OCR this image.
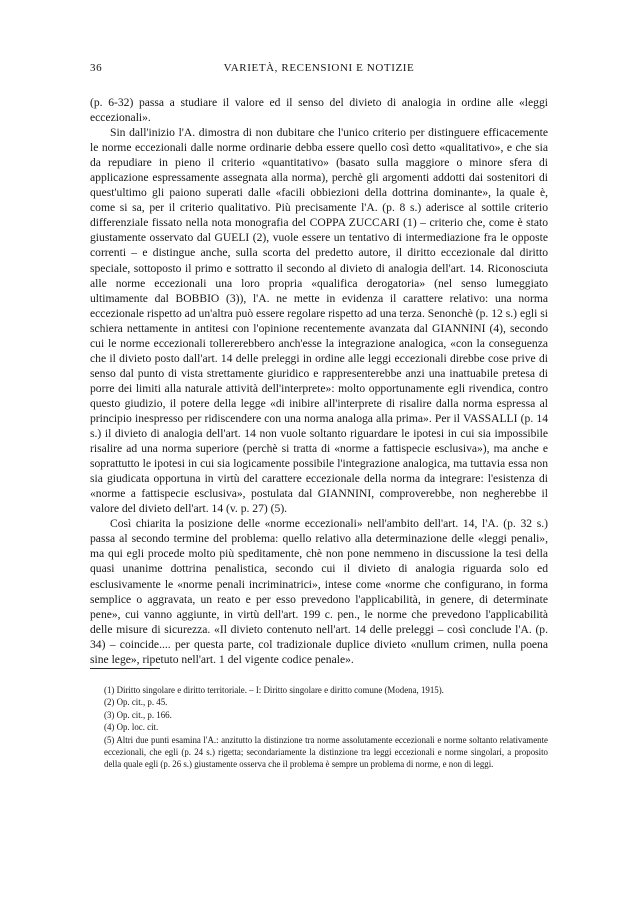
36	VARIETÀ, RECENSIONI E NOTIZIE

(p. 6-32) passa a studiare il valore ed il senso del divieto di analogia in ordine alle «leggi eccezionali».

Sin dall'inizio l'A. dimostra di non dubitare che l'unico criterio per distinguere efficacemente le norme eccezionali dalle norme ordinarie debba essere quello così detto «qualitativo», e che sia da repudiare in pieno il criterio «quantitativo» (basato sulla maggiore o minore sfera di applicazione espressamente assegnata alla norma), perchè gli argomenti addotti dai sostenitori di quest'ultimo gli paiono superati dalle «facili obbiezioni della dottrina dominante», la quale è, come si sa, per il criterio qualitativo. Più precisamente l'A. (p. 8 s.) aderisce al sottile criterio differenziale fissato nella nota monografia del COPPA ZUCCARI (1) – criterio che, come è stato giustamente osservato dal GUELI (2), vuole essere un tentativo di intermediazione fra le opposte correnti – e distingue anche, sulla scorta del predetto autore, il diritto eccezionale dal diritto speciale, sottoposto il primo e sottratto il secondo al divieto di analogia dell'art. 14. Riconosciuta alle norme eccezionali una loro propria «qualifica derogatoria» (nel senso lumeggiato ultimamente dal BOBBIO (3)), l'A. ne mette in evidenza il carattere relativo: una norma eccezionale rispetto ad un'altra può essere regolare rispetto ad una terza. Senonchè (p. 12 s.) egli si schiera nettamente in antitesi con l'opinione recentemente avanzata dal GIANNINI (4), secondo cui le norme eccezionali tollererebbero anch'esse la integrazione analogica, «con la conseguenza che il divieto posto dall'art. 14 delle preleggi in ordine alle leggi eccezionali direbbe cose prive di senso dal punto di vista strettamente giuridico e rappresenterebbe anzi una inattuabile pretesa di porre dei limiti alla naturale attività dell'interprete»: molto opportunamente egli rivendica, contro questo giudizio, il potere della legge «di inibire all'interprete di risalire dalla norma espressa al principio inespresso per ridiscendere con una norma analoga alla prima». Per il VASSALLI (p. 14 s.) il divieto di analogia dell'art. 14 non vuole soltanto riguardare le ipotesi in cui sia impossibile risalire ad una norma superiore (perchè si tratta di «norme a fattispecie esclusiva»), ma anche e soprattutto le ipotesi in cui sia logicamente possibile l'integrazione analogica, ma tuttavia essa non sia giudicata opportuna in virtù del carattere eccezionale della norma da integrare: l'esistenza di «norme a fattispecie esclusiva», postulata dal GIANNINI, comproverebbe, non negherebbe il valore del divieto dell'art. 14 (v. p. 27) (5).

Così chiarita la posizione delle «norme eccezionali» nell'ambito dell'art. 14, l'A. (p. 32 s.) passa al secondo termine del problema: quello relativo alla determinazione delle «leggi penali», ma qui egli procede molto più speditamente, chè non pone nemmeno in discussione la tesi della quasi unanime dottrina penalistica, secondo cui il divieto di analogia riguarda solo ed esclusivamente le «norme penali incriminatrici», intese come «norme che configurano, in forma semplice o aggravata, un reato e per esso prevedono l'applicabilità, in genere, di determinate pene», cui vanno aggiunte, in virtù dell'art. 199 c. pen., le norme che prevedono l'applicabilità delle misure di sicurezza. «Il divieto contenuto nell'art. 14 delle preleggi – così conclude l'A. (p. 34) – coincide.... per questa parte, col tradizionale duplice divieto «nullum crimen, nulla poena sine lege», ripetuto nell'art. 1 del vigente codice penale».

(1) Diritto singolare e diritto territoriale. – I: Diritto singolare e diritto comune (Modena, 1915).

(2) Op. cit., p. 45.

(3) Op. cit., p. 166.

(4) Op. loc. cit.

(5) Altri due punti esamina l'A.: anzitutto la distinzione tra norme assolutamente eccezionali e norme soltanto relativamente eccezionali, che egli (p. 24 s.) rigetta; secondariamente la distinzione tra leggi eccezionali e norme singolari, a proposito della quale egli (p. 26 s.) giustamente osserva che il problema è sempre un problema di norme, e non di leggi.
